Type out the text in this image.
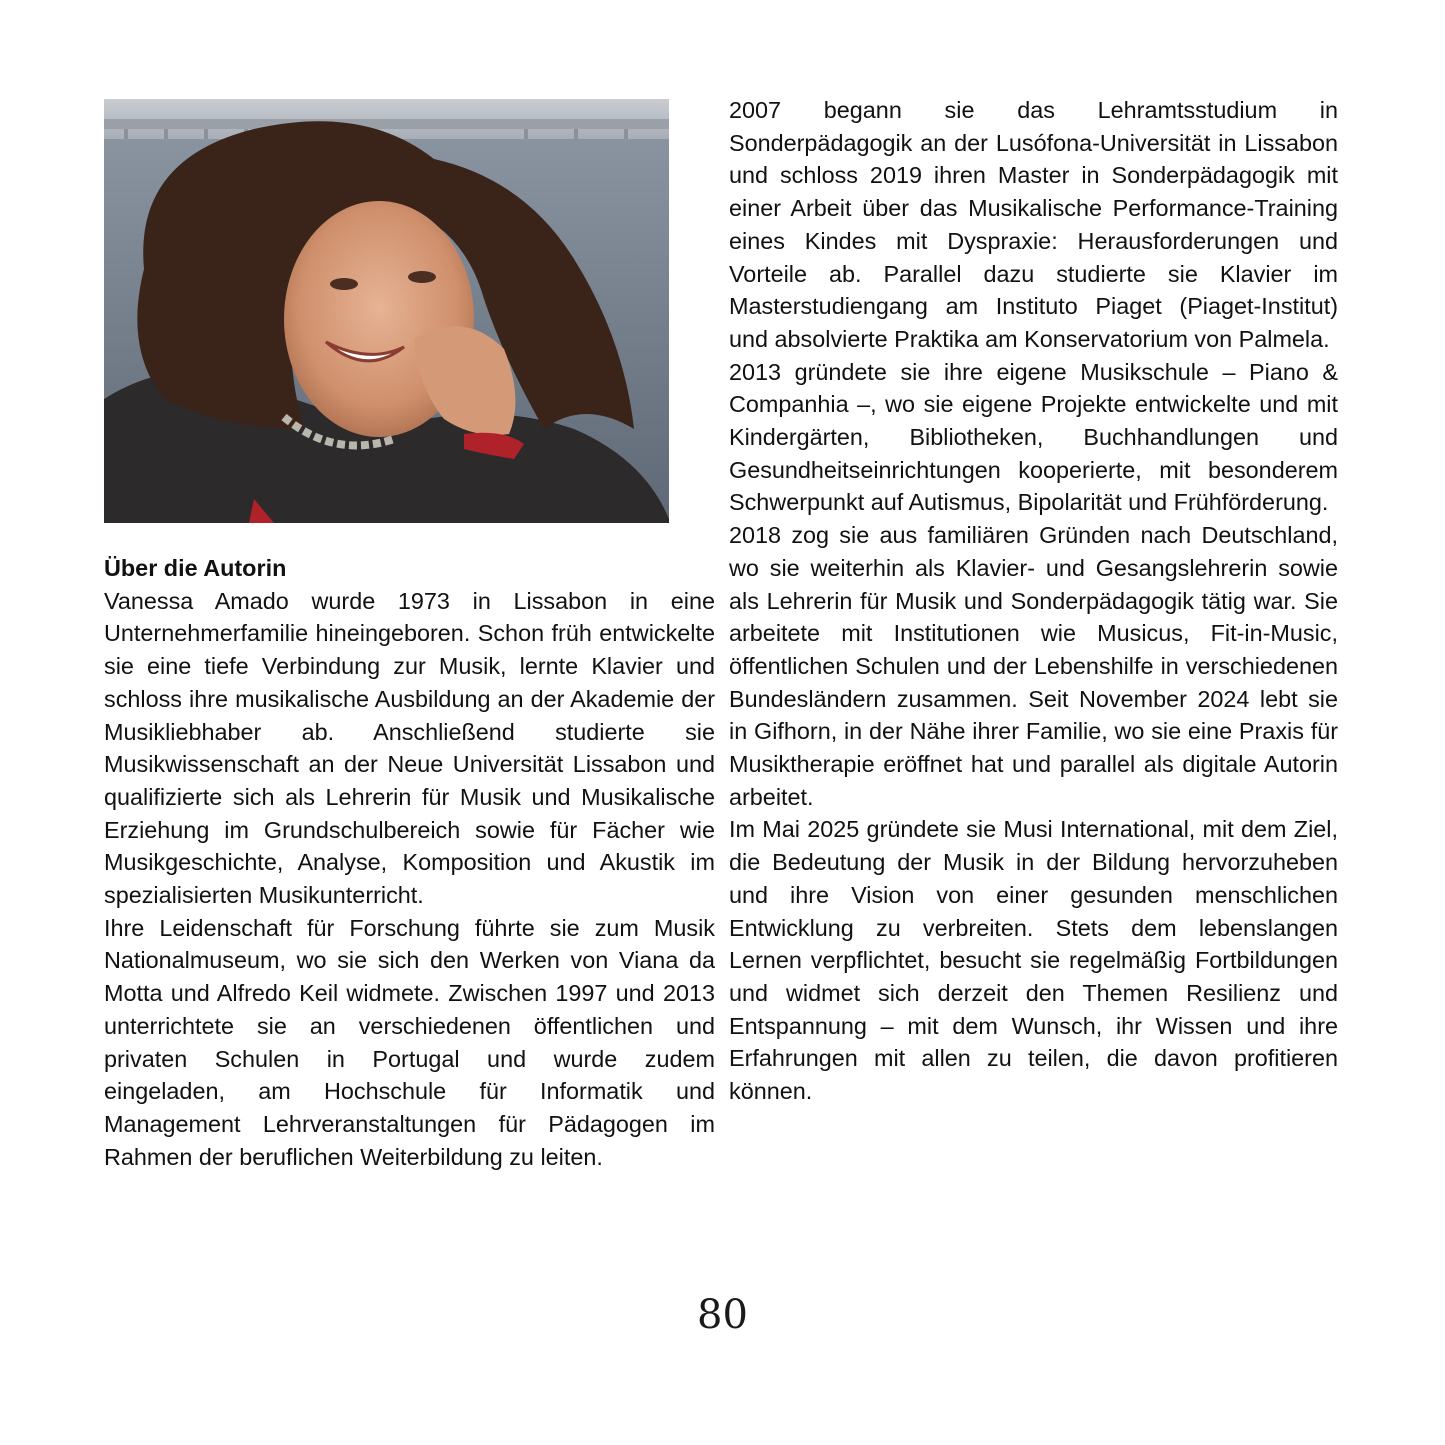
Über die Autorin

Vanessa Amado wurde 1973 in Lissabon in eine Unternehmerfamilie hineingeboren. Schon früh entwickelte sie eine tiefe Verbindung zur Musik, lernte Klavier und schloss ihre musikalische Ausbildung an der Akademie der Musikliebhaber ab. Anschließend studierte sie Musikwissenschaft an der Neue Universität Lissabon und qualifizierte sich als Lehrerin für Musik und Musikalische Erziehung im Grundschulbereich sowie für Fächer wie Musikgeschichte, Analyse, Komposition und Akustik im spezialisierten Musikunterricht.

Ihre Leidenschaft für Forschung führte sie zum Musik Nationalmuseum, wo sie sich den Werken von Viana da Motta und Alfredo Keil widmete. Zwischen 1997 und 2013 unterrichtete sie an verschiedenen öffentlichen und privaten Schulen in Portugal und wurde zudem eingeladen, am Hochschule für Informatik und Management Lehrveranstaltungen für Pädagogen im Rahmen der beruflichen Weiterbildung zu leiten.

2007 begann sie das Lehramtsstudium in Sonderpädagogik an der Lusófona-Universität in Lissabon und schloss 2019 ihren Master in Sonderpädagogik mit einer Arbeit über das Musikalische Performance-Training eines Kindes mit Dyspraxie: Herausforderungen und Vorteile ab. Parallel dazu studierte sie Klavier im Masterstudiengang am Instituto Piaget (Piaget-Institut) und absolvierte Praktika am Konservatorium von Palmela.

2013 gründete sie ihre eigene Musikschule – Piano & Companhia –, wo sie eigene Projekte entwickelte und mit Kindergärten, Bibliotheken, Buchhandlungen und Gesundheitseinrichtungen kooperierte, mit besonderem Schwerpunkt auf Autismus, Bipolarität und Frühförderung.

2018 zog sie aus familiären Gründen nach Deutschland, wo sie weiterhin als Klavier- und Gesangslehrerin sowie als Lehrerin für Musik und Sonderpädagogik tätig war. Sie arbeitete mit Institutionen wie Musicus, Fit-in-Music, öffentlichen Schulen und der Lebenshilfe in verschiedenen Bundesländern zusammen. Seit November 2024 lebt sie in Gifhorn, in der Nähe ihrer Familie, wo sie eine Praxis für Musiktherapie eröffnet hat und parallel als digitale Autorin arbeitet.

Im Mai 2025 gründete sie Musi International, mit dem Ziel, die Bedeutung der Musik in der Bildung hervorzuheben und ihre Vision von einer gesunden menschlichen Entwicklung zu verbreiten. Stets dem lebenslangen Lernen verpflichtet, besucht sie regelmäßig Fortbildungen und widmet sich derzeit den Themen Resilienz und Entspannung – mit dem Wunsch, ihr Wissen und ihre Erfahrungen mit allen zu teilen, die davon profitieren können.

80
